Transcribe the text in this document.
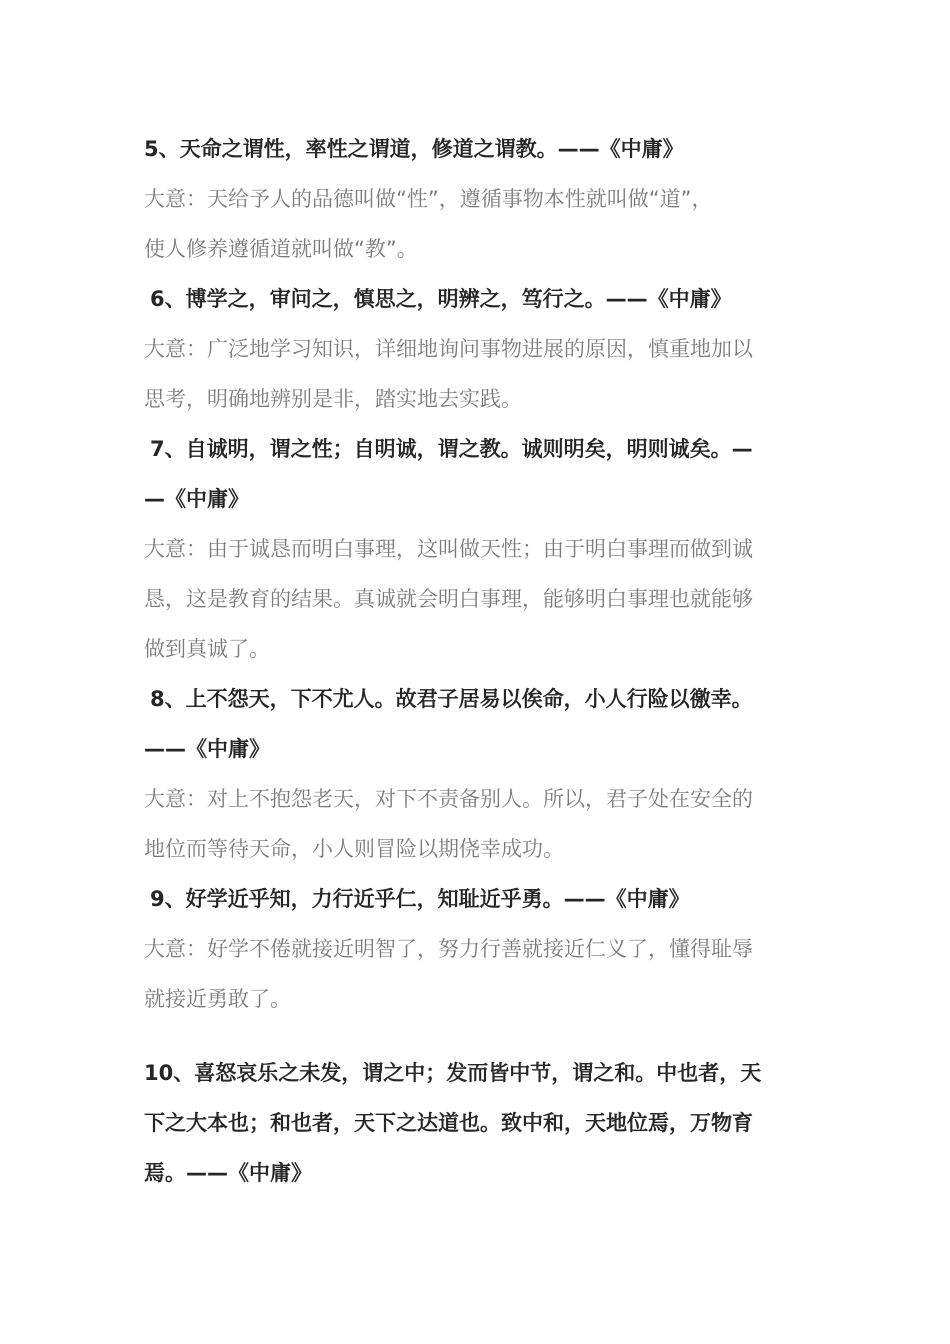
5、天命之谓性，率性之谓道，修道之谓教。——《中庸》
大意：天给予人的品德叫做“性”，遵循事物本性就叫做“道”，
使人修养遵循道就叫做“教”。
6、博学之，审问之，慎思之，明辨之，笃行之。——《中庸》
大意：广泛地学习知识，详细地询问事物进展的原因，慎重地加以
思考，明确地辨别是非，踏实地去实践。
7、自诚明，谓之性；自明诚，谓之教。诚则明矣，明则诚矣。—
—《中庸》
大意：由于诚恳而明白事理，这叫做天性；由于明白事理而做到诚
恳，这是教育的结果。真诚就会明白事理，能够明白事理也就能够
做到真诚了。
8、上不怨天，下不尤人。故君子居易以俟命，小人行险以徼幸。
——《中庸》
大意：对上不抱怨老天，对下不责备别人。所以，君子处在安全的
地位而等待天命，小人则冒险以期侥幸成功。
9、好学近乎知，力行近乎仁，知耻近乎勇。——《中庸》
大意：好学不倦就接近明智了，努力行善就接近仁义了，懂得耻辱
就接近勇敢了。
10、喜怒哀乐之未发，谓之中；发而皆中节，谓之和。中也者，天
下之大本也；和也者，天下之达道也。致中和，天地位焉，万物育
焉。——《中庸》
